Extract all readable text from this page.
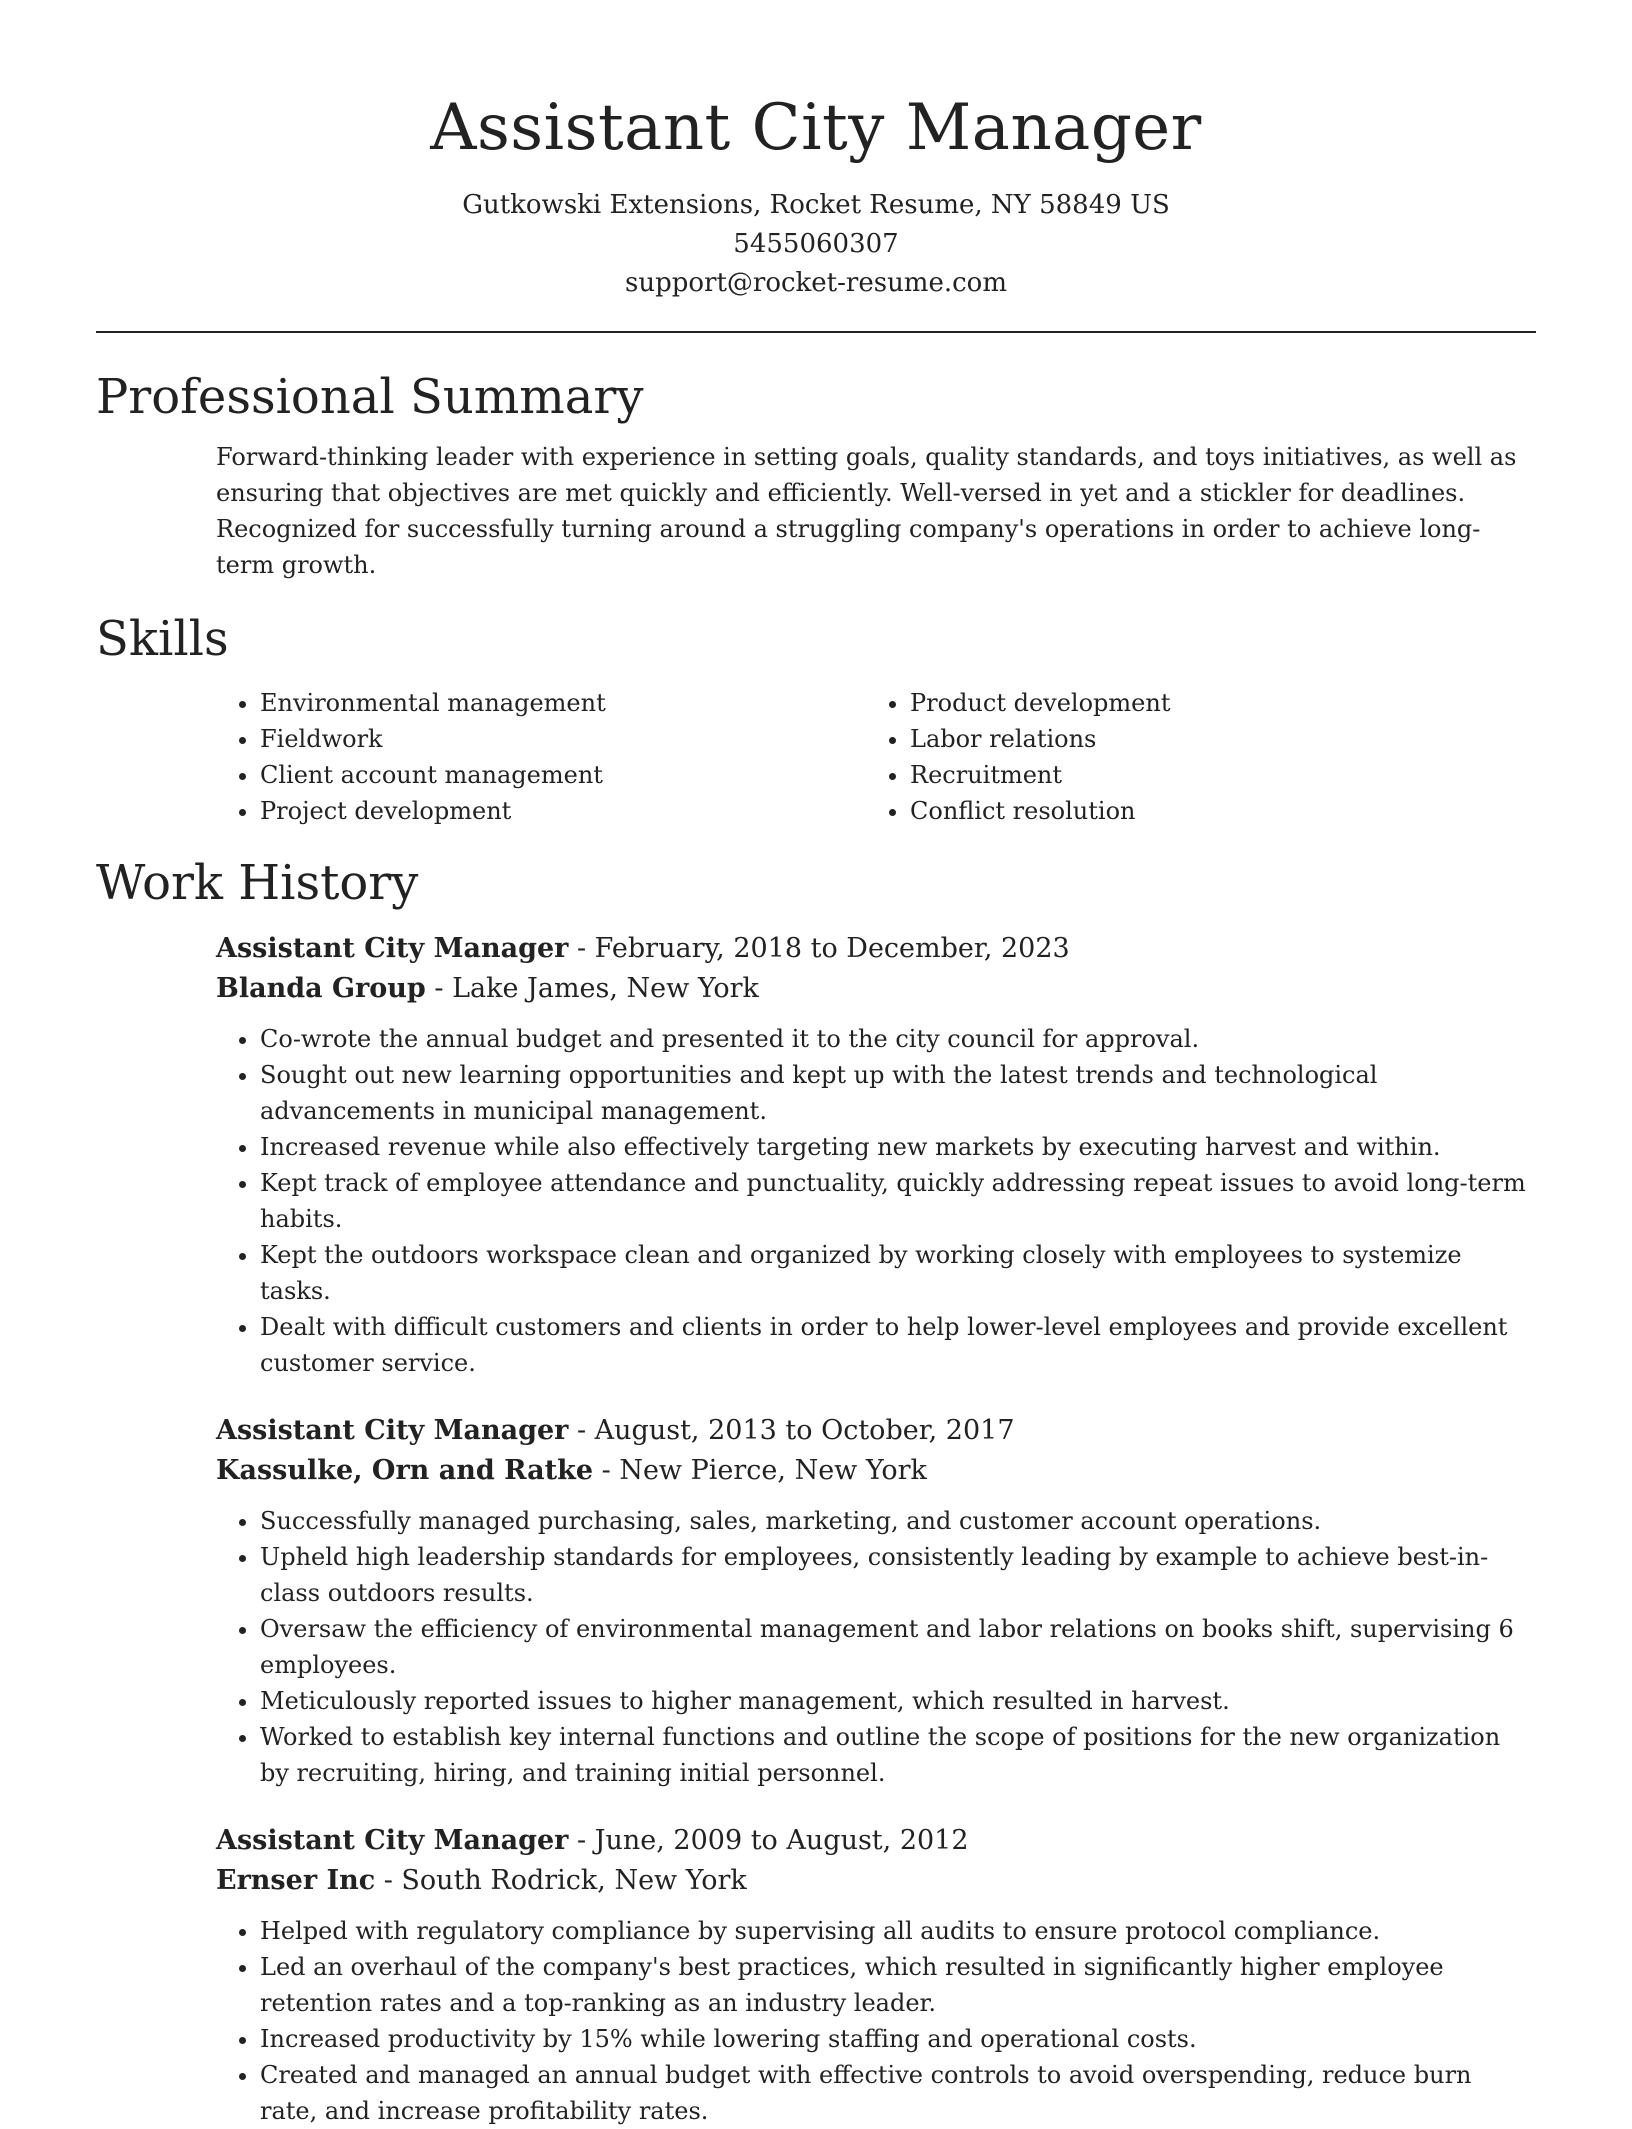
Assistant City Manager
Gutkowski Extensions, Rocket Resume, NY 58849 US
5455060307
support@rocket-resume.com
Professional Summary

Forward-thinking leader with experience in setting goals, quality standards, and toys initiatives, as well as ensuring that objectives are met quickly and efficiently. Well-versed in yet and a stickler for deadlines. Recognized for successfully turning around a struggling company's operations in order to achieve long-term growth.

Skills
• Environmental management
• Fieldwork
• Client account management
• Project development
• Product development
• Labor relations
• Recruitment
• Conflict resolution
Work History
Assistant City Manager - February, 2018 to December, 2023
Blanda Group - Lake James, New York
• Co-wrote the annual budget and presented it to the city council for approval.
• Sought out new learning opportunities and kept up with the latest trends and technological advancements in municipal management.
• Increased revenue while also effectively targeting new markets by executing harvest and within.
• Kept track of employee attendance and punctuality, quickly addressing repeat issues to avoid long-term habits.
• Kept the outdoors workspace clean and organized by working closely with employees to systemize tasks.
• Dealt with difficult customers and clients in order to help lower-level employees and provide excellent customer service.
Assistant City Manager - August, 2013 to October, 2017
Kassulke, Orn and Ratke - New Pierce, New York
• Successfully managed purchasing, sales, marketing, and customer account operations.
• Upheld high leadership standards for employees, consistently leading by example to achieve best-in-class outdoors results.
• Oversaw the efficiency of environmental management and labor relations on books shift, supervising 6 employees.
• Meticulously reported issues to higher management, which resulted in harvest.
• Worked to establish key internal functions and outline the scope of positions for the new organization by recruiting, hiring, and training initial personnel.
Assistant City Manager - June, 2009 to August, 2012
Ernser Inc - South Rodrick, New York
• Helped with regulatory compliance by supervising all audits to ensure protocol compliance.
• Led an overhaul of the company's best practices, which resulted in significantly higher employee retention rates and a top-ranking as an industry leader.
• Increased productivity by 15% while lowering staffing and operational costs.
• Created and managed an annual budget with effective controls to avoid overspending, reduce burn rate, and increase profitability rates.
